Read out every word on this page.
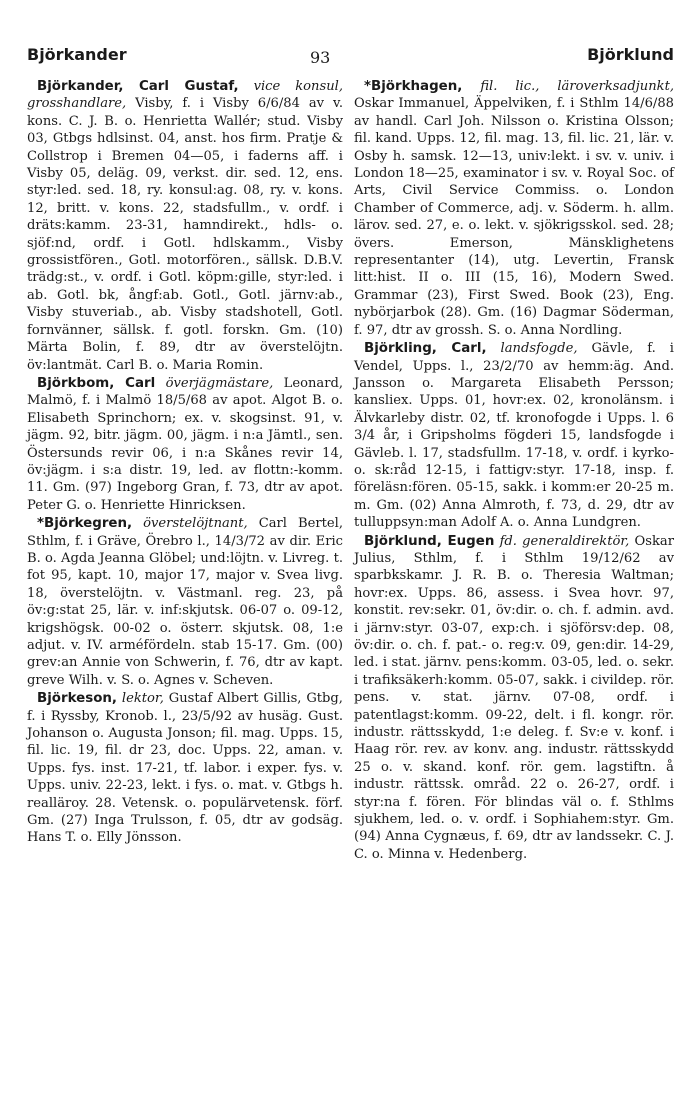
Björkander	93	Björklund

Björkander, Carl Gustaf, vice konsul, grosshandlare, Visby, f. i Visby 6/6/84 av v. kons. C. J. B. o. Henrietta Wallér; stud. Visby 03, Gtbgs hdlsinst. 04, anst. hos firm. Pratje & Collstrop i Bremen 04—05, i faderns aff. i Visby 05, deläg. 09, verkst. dir. sed. 12, ens. styr:led. sed. 18, ry. konsul:ag. 08, ry. v. kons. 12, britt. v. kons. 22, stadsfullm., v. ordf. i dräts:kamm. 23-31, hamndirekt., hdls- o. sjöf:nd, ordf. i Gotl. hdlskamm., Visby grossistfören., Gotl. motorfören., sällsk. D.B.V. trädg:st., v. ordf. i Gotl. köpm:gille, styr:led. i ab. Gotl. bk, ångf:ab. Gotl., Gotl. järnv:ab., Visby stuveriab., ab. Visby stadshotell, Gotl. fornvänner, sällsk. f. gotl. forskn. Gm. (10) Märta Bolin, f. 89, dtr av överstelöjtn. öv:lantmät. Carl B. o. Maria Romin.

Björkbom, Carl överjägmästare, Leonard, Malmö, f. i Malmö 18/5/68 av apot. Algot B. o. Elisabeth Sprinchorn; ex. v. skogsinst. 91, v. jägm. 92, bitr. jägm. 00, jägm. i n:a Jämtl., sen. Östersunds revir 06, i n:a Skånes revir 14, öv:jägm. i s:a distr. 19, led. av flottn:-komm. 11. Gm. (97) Ingeborg Gran, f. 73, dtr av apot. Peter G. o. Henriette Hinricksen.

*Björkegren, överstelöjtnant, Carl Bertel, Sthlm, f. i Gräve, Örebro l., 14/3/72 av dir. Eric B. o. Agda Jeanna Glöbel; und:löjtn. v. Livreg. t. fot 95, kapt. 10, major 17, major v. Svea livg. 18, överstelöjtn. v. Västmanl. reg. 23, på öv:g:stat 25, lär. v. inf:skjutsk. 06-07 o. 09-12, krigshögsk. 00-02 o. österr. skjutsk. 08, 1:e adjut. v. IV. arméfördeln. stab 15-17. Gm. (00) grev:an Annie von Schwerin, f. 76, dtr av kapt. greve Wilh. v. S. o. Agnes v. Scheven.

Björkeson, lektor, Gustaf Albert Gillis, Gtbg, f. i Ryssby, Kronob. l., 23/5/92 av husäg. Gust. Johanson o. Augusta Jonson; fil. mag. Upps. 15, fil. lic. 19, fil. dr 23, doc. Upps. 22, aman. v. Upps. fys. inst. 17-21, tf. labor. i exper. fys. v. Upps. univ. 22-23, lekt. i fys. o. mat. v. Gtbgs h. realläroy. 28. Vetensk. o. populärvetensk. förf. Gm. (27) Inga Trulsson, f. 05, dtr av godsäg. Hans T. o. Elly Jönsson.

*Björkhagen, fil. lic., läroverksadjunkt, Oskar Immanuel, Äppelviken, f. i Sthlm 14/6/88 av handl. Carl Joh. Nilsson o. Kristina Olsson; fil. kand. Upps. 12, fil. mag. 13, fil. lic. 21, lär. v. Osby h. samsk. 12—13, univ:lekt. i sv. v. univ. i London 18—25, examinator i sv. v. Royal Soc. of Arts, Civil Service Commiss. o. London Chamber of Commerce, adj. v. Söderm. h. allm. lärov. sed. 27, e. o. lekt. v. sjökrigsskol. sed. 28; övers. Emerson, Mänsklighetens representanter (14), utg. Levertin, Fransk litt:hist. II o. III (15, 16), Modern Swed. Grammar (23), First Swed. Book (23), Eng. nybörjarbok (28). Gm. (16) Dagmar Söderman, f. 97, dtr av grossh. S. o. Anna Nordling.

Björkling, Carl, landsfogde, Gävle, f. i Vendel, Upps. l., 23/2/70 av hemm:äg. And. Jansson o. Margareta Elisabeth Persson; kansliex. Upps. 01, hovr:ex. 02, kronolänsm. i Älvkarleby distr. 02, tf. kronofogde i Upps. l. 6 3/4 år, i Gripsholms fögderi 15, landsfogde i Gävleb. l. 17, stadsfullm. 17-18, v. ordf. i kyrko- o. sk:råd 12-15, i fattigv:styr. 17-18, insp. f. föreläsn:fören. 05-15, sakk. i komm:er 20-25 m. m. Gm. (02) Anna Almroth, f. 73, d. 29, dtr av tulluppsyn:man Adolf A. o. Anna Lundgren.

Björklund, Eugen fd. generaldirektör, Oskar Julius, Sthlm, f. i Sthlm 19/12/62 av sparbkskamr. J. R. B. o. Theresia Waltman; hovr:ex. Upps. 86, assess. i Svea hovr. 97, konstit. rev:sekr. 01, öv:dir. o. ch. f. admin. avd. i järnv:styr. 03-07, exp:ch. i sjöförsv:dep. 08, öv:dir. o. ch. f. pat.- o. reg:v. 09, gen:dir. 14-29, led. i stat. järnv. pens:komm. 03-05, led. o. sekr. i trafiksäkerh:komm. 05-07, sakk. i civildep. rör. pens. v. stat. järnv. 07-08, ordf. i patentlagst:komm. 09-22, delt. i fl. kongr. rör. industr. rättsskydd, 1:e deleg. f. Sv:e v. konf. i Haag rör. rev. av konv. ang. industr. rättsskydd 25 o. v. skand. konf. rör. gem. lagstiftn. å industr. rättssk. områd. 22 o. 26-27, ordf. i styr:na f. fören. För blindas väl o. f. Sthlms sjukhem, led. o. v. ordf. i Sophiahem:styr. Gm. (94) Anna Cygnæus, f. 69, dtr av landssekr. C. J. C. o. Minna v. Hedenberg.
